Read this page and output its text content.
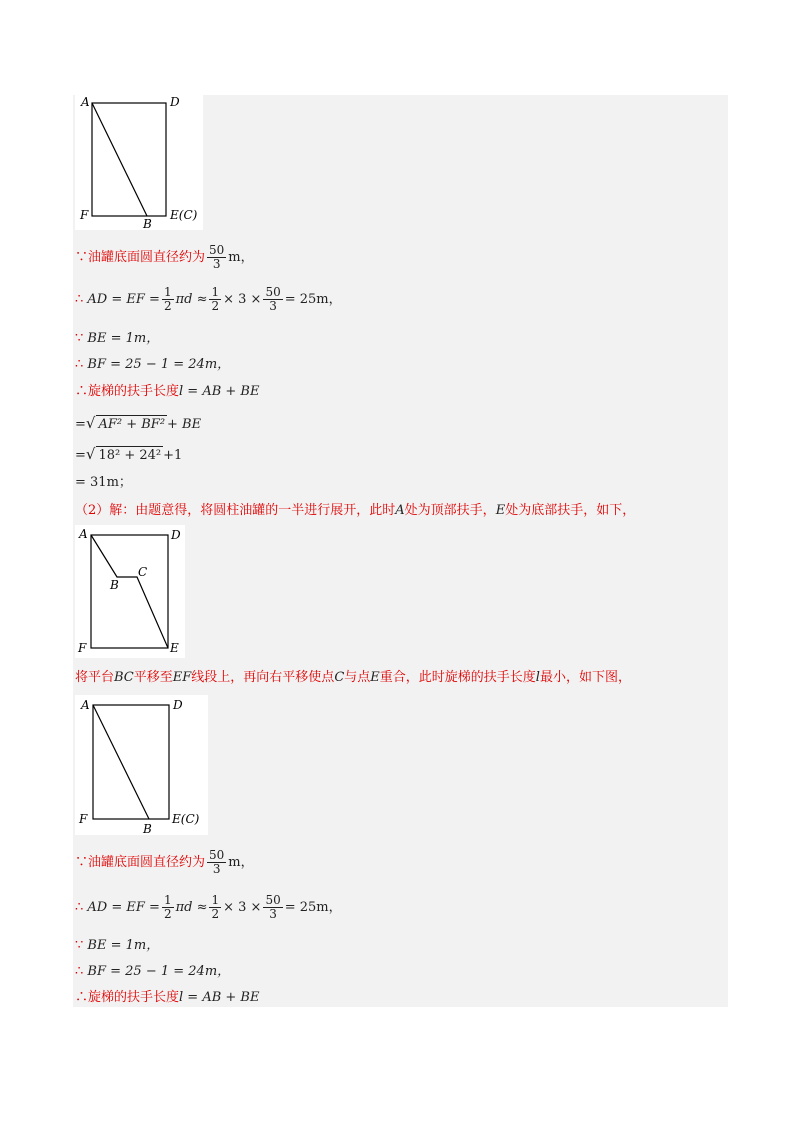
A	D
F
B
E(C)
∵油罐底面圆直径约为 $\frac{50}{3}$ m，
∴ AD = EF = $\frac{1}{2}$ $\pi d \approx \frac{1}{2} \times 3 \times \frac{50}{3} = 25m$，
∵ BE = 1m，
∴ BF = 25 − 1 = 24m，
∴旋梯的扶手长度l = AB + BE
=√ AF² + BF² + BE
=√ 18² + 24² +1
= 31m；
（2）解：由题意得，将圆柱油罐的一半进行展开，此时A处为顶部扶手，E处为底部扶手，如下，
A	D
B
C
F	E
将平台BC平移至EF线段上，再向右平移使点C与点E重合，此时旋梯的扶手长度l最小，如下图，
A	D
F
B
E(C)
∵油罐底面圆直径约为 $\frac{50}{3}$ m，
∴ AD = EF = $\frac{1}{2}$ $\pi d \approx \frac{1}{2} \times 3 \times \frac{50}{3} = 25m$，
∵ BE = 1m，
∴ BF = 25 − 1 = 24m，
∴旋梯的扶手长度l = AB + BE
